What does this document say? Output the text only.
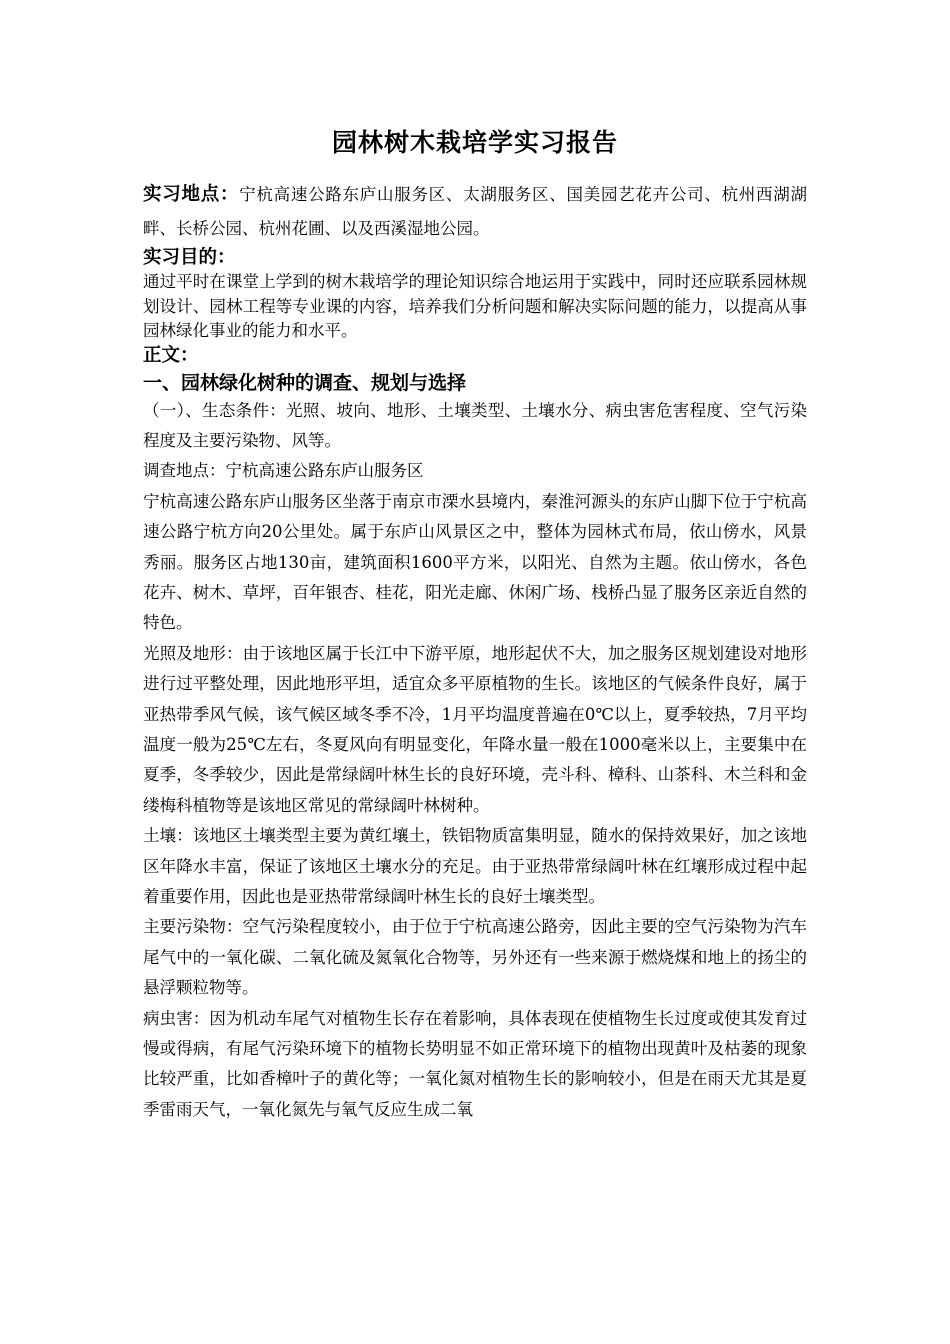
园林树木栽培学实习报告

实习地点：宁杭高速公路东庐山服务区、太湖服务区、国美园艺花卉公司、杭州西湖湖畔、长桥公园、杭州花圃、以及西溪湿地公园。

实习目的：

通过平时在课堂上学到的树木栽培学的理论知识综合地运用于实践中，同时还应联系园林规划设计、园林工程等专业课的内容，培养我们分析问题和解决实际问题的能力，以提高从事园林绿化事业的能力和水平。

正文：

一、园林绿化树种的调查、规划与选择

（一）、生态条件：光照、坡向、地形、土壤类型、土壤水分、病虫害危害程度、空气污染程度及主要污染物、风等。

调查地点：宁杭高速公路东庐山服务区

宁杭高速公路东庐山服务区坐落于南京市溧水县境内，秦淮河源头的东庐山脚下位于宁杭高速公路宁杭方向20公里处。属于东庐山风景区之中，整体为园林式布局，依山傍水，风景秀丽。服务区占地130亩，建筑面积1600平方米，以阳光、自然为主题。依山傍水，各色花卉、树木、草坪，百年银杏、桂花，阳光走廊、休闲广场、栈桥凸显了服务区亲近自然的特色。

光照及地形：由于该地区属于长江中下游平原，地形起伏不大，加之服务区规划建设对地形进行过平整处理，因此地形平坦，适宜众多平原植物的生长。该地区的气候条件良好，属于亚热带季风气候，该气候区域冬季不冷，1月平均温度普遍在0℃以上，夏季较热，7月平均温度一般为25℃左右，冬夏风向有明显变化，年降水量一般在1000毫米以上，主要集中在夏季，冬季较少，因此是常绿阔叶林生长的良好环境，壳斗科、樟科、山茶科、木兰科和金缕梅科植物等是该地区常见的常绿阔叶林树种。

土壤：该地区土壤类型主要为黄红壤土，铁铝物质富集明显，随水的保持效果好，加之该地区年降水丰富，保证了该地区土壤水分的充足。由于亚热带常绿阔叶林在红壤形成过程中起着重要作用，因此也是亚热带常绿阔叶林生长的良好土壤类型。

主要污染物：空气污染程度较小，由于位于宁杭高速公路旁，因此主要的空气污染物为汽车尾气中的一氧化碳、二氧化硫及氮氧化合物等，另外还有一些来源于燃烧煤和地上的扬尘的悬浮颗粒物等。

病虫害：因为机动车尾气对植物生长存在着影响，具体表现在使植物生长过度或使其发育过慢或得病，有尾气污染环境下的植物长势明显不如正常环境下的植物出现黄叶及枯萎的现象比较严重，比如香樟叶子的黄化等；一氧化氮对植物生长的影响较小，但是在雨天尤其是夏季雷雨天气，一氧化氮先与氧气反应生成二氧
